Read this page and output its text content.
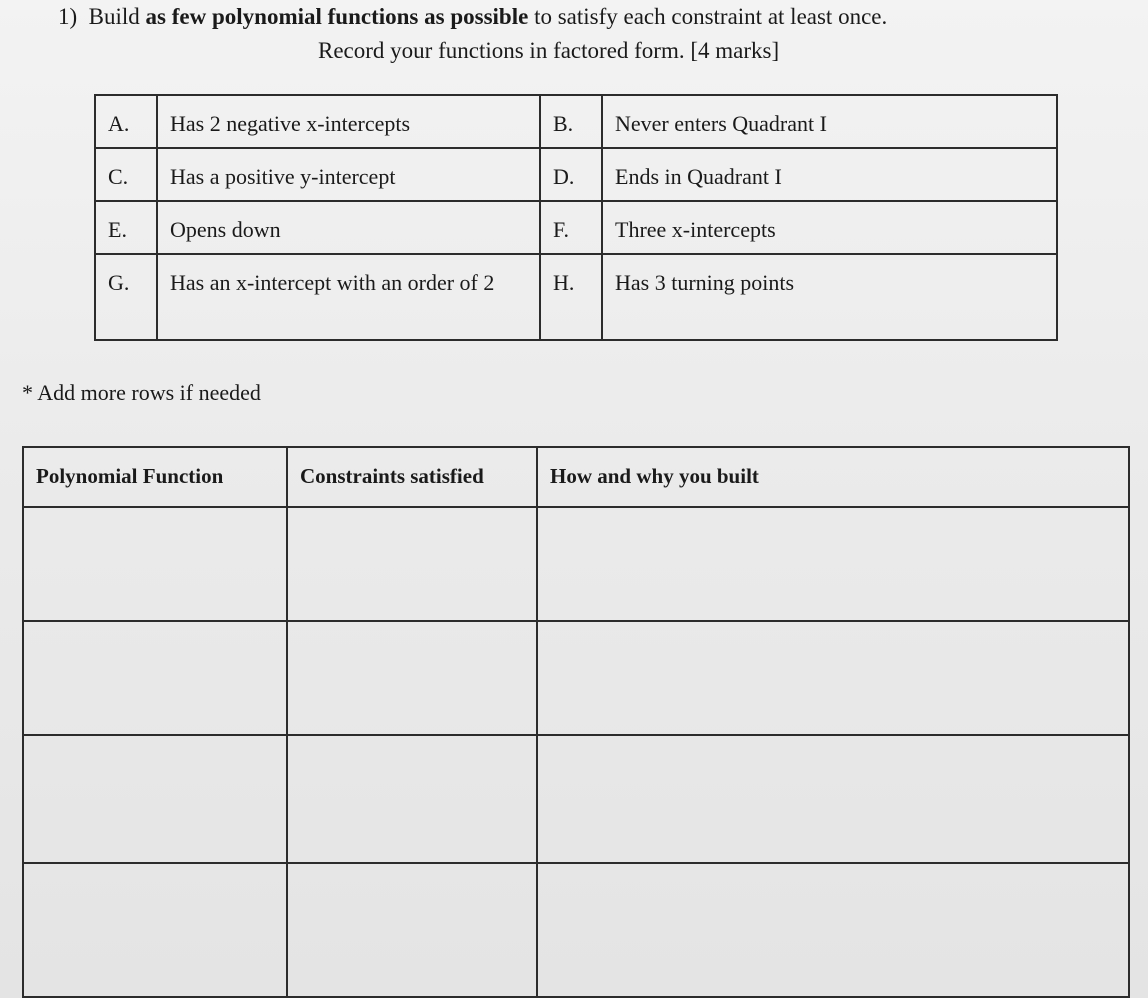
1) Build as few polynomial functions as possible to satisfy each constraint at least once.
Record your functions in factored form. [4 marks]
A.	Has 2 negative x-intercepts	B.	Never enters Quadrant I
C.	Has a positive y-intercept	D.	Ends in Quadrant I
E.	Opens down	F.	Three x-intercepts
G.	Has an x-intercept with an order of 2	H.	Has 3 turning points
* Add more rows if needed
Polynomial Function	Constraints satisfied	How and why you built
